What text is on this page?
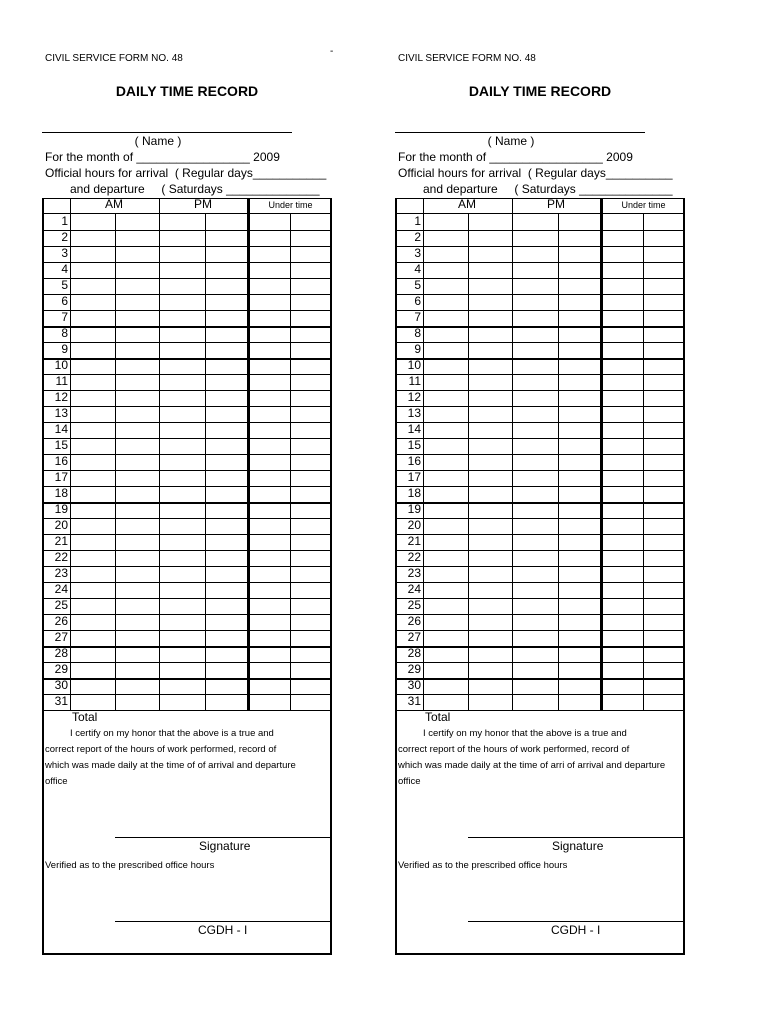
-
CIVIL SERVICE FORM NO. 48
DAILY TIME RECORD
( Name )
For the month of _________________ 2009
Official hours for arrival  ( Regular days___________
and departure     ( Saturdays ______________
AM	PM	Under time
1
2
3
4
5
6
7
8
9
10
11
12
13
14
15
16
17
18
19
20
21
22
23
24
25
26
27
28
29
30
31
Total
I certify on my honor that the above is a true and
correct report of the hours of work performed, record of
which was made daily at the time of of arrival and departure
office
Signature
Verified as to the prescribed office hours
CGDH - I
CIVIL SERVICE FORM NO. 48
DAILY TIME RECORD
( Name )
For the month of _________________ 2009
Official hours for arrival  ( Regular days__________
and departure     ( Saturdays ______________
AM	PM	Under time
1
2
3
4
5
6
7
8
9
10
11
12
13
14
15
16
17
18
19
20
21
22
23
24
25
26
27
28
29
30
31
Total
I certify on my honor that the above is a true and
correct report of the hours of work performed, record of
which was made daily at the time of arri of arrival and departure
office
Signature
Verified as to the prescribed office hours
CGDH - I
